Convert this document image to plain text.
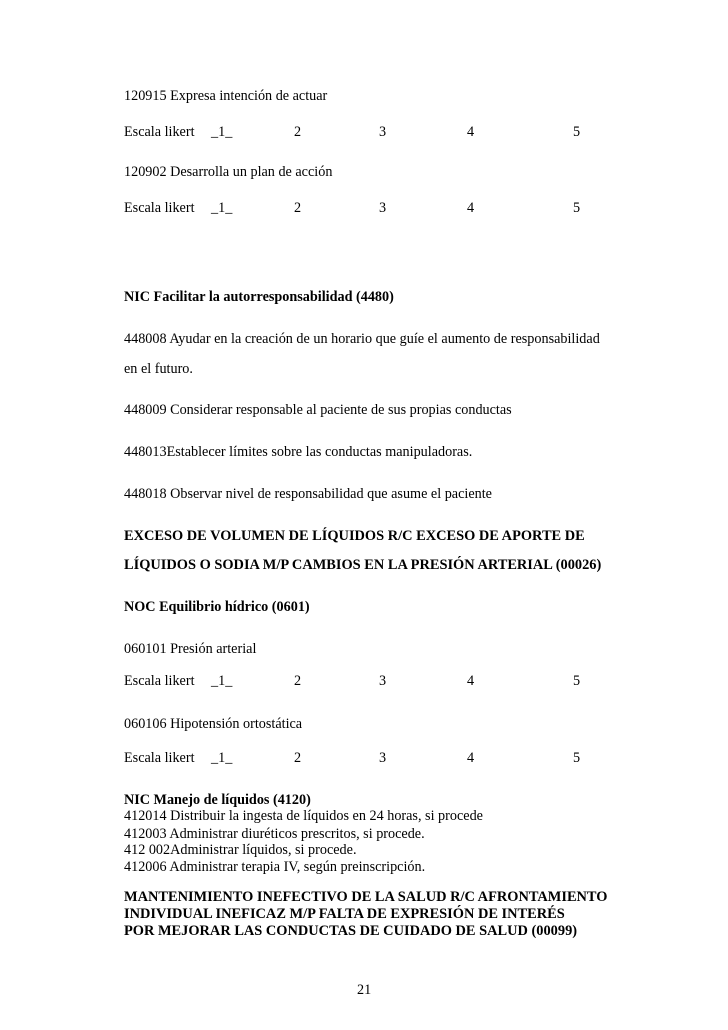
120915 Expresa intención de actuar
Escala likert _1_	2	3	4	5
120902 Desarrolla un plan de acción
Escala likert _1_	2	3	4	5
NIC Facilitar la autorresponsabilidad (4480)
448008 Ayudar en la creación de un horario que guíe el aumento de responsabilidad
en el futuro.
448009 Considerar responsable al paciente de sus propias conductas
448013Establecer límites sobre las conductas manipuladoras.
448018 Observar nivel de responsabilidad que asume el paciente
EXCESO DE VOLUMEN DE LÍQUIDOS R/C EXCESO DE APORTE DE
LÍQUIDOS O SODIA M/P CAMBIOS EN LA PRESIÓN ARTERIAL (00026)
NOC Equilibrio hídrico (0601)
060101 Presión arterial
Escala likert _1_	2	3	4	5
060106 Hipotensión ortostática
Escala likert _1_	2	3	4	5
NIC Manejo de líquidos (4120)
412014 Distribuir la ingesta de líquidos en 24 horas, si procede
412003 Administrar diuréticos prescritos, si procede.
412 002Administrar líquidos, si procede.
412006 Administrar terapia IV, según preinscripción.
MANTENIMIENTO INEFECTIVO DE LA SALUD R/C AFRONTAMIENTO
INDIVIDUAL INEFICAZ M/P FALTA DE EXPRESIÓN DE INTERÉS
POR MEJORAR LAS CONDUCTAS DE CUIDADO DE SALUD (00099)
21
